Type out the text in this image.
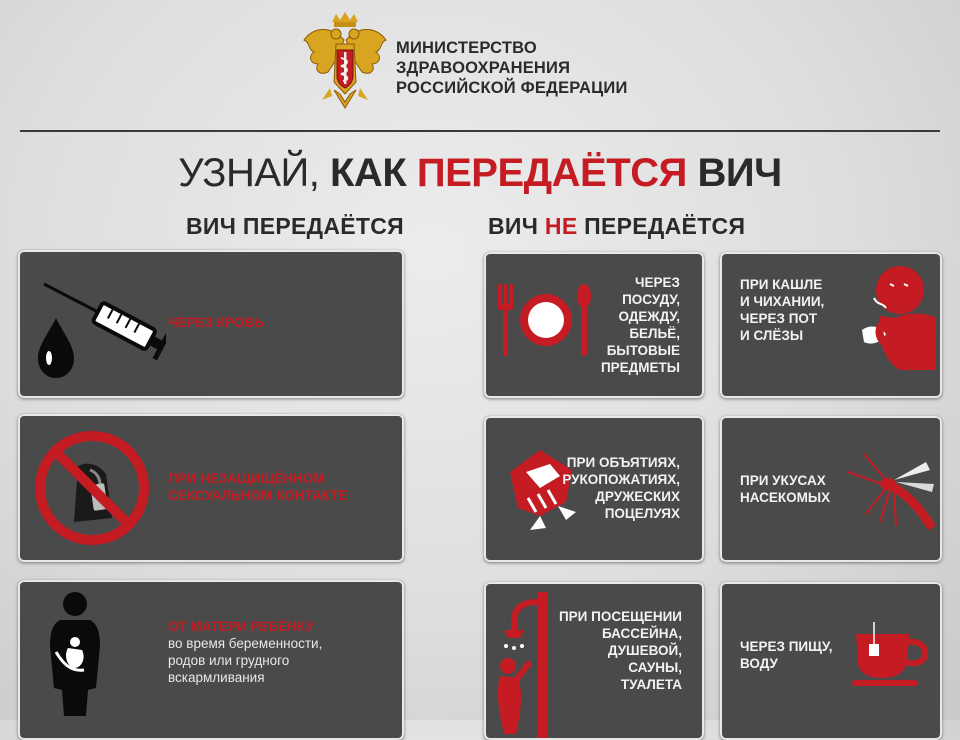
МИНИСТЕРСТВО
ЗДРАВООХРАНЕНИЯ
РОССИЙСКОЙ ФЕДЕРАЦИИ
УЗНАЙ, КАК ПЕРЕДАЁТСЯ ВИЧ
ВИЧ ПЕРЕДАЁТСЯ	ВИЧ НЕ ПЕРЕДАЁТСЯ
ЧЕРЕЗ КРОВЬ
ПРИ НЕЗАЩИЩЁННОМ
СЕКСУАЛЬНОМ КОНТАКТЕ
ОТ МАТЕРИ РЕБЁНКУ
во время беременности,
родов или грудного
вскармливания
ЧЕРЕЗ
ПОСУДУ,
ОДЕЖДУ,
БЕЛЬЁ,
БЫТОВЫЕ
ПРЕДМЕТЫ
ПРИ КАШЛЕ
И ЧИХАНИИ,
ЧЕРЕЗ ПОТ
И СЛЁЗЫ
ПРИ ОБЪЯТИЯХ,
РУКОПОЖАТИЯХ,
ДРУЖЕСКИХ
ПОЦЕЛУЯХ
ПРИ УКУСАХ
НАСЕКОМЫХ
ПРИ ПОСЕЩЕНИИ
БАССЕЙНА,
ДУШЕВОЙ,
САУНЫ,
ТУАЛЕТА
ЧЕРЕЗ ПИЩУ,
ВОДУ
